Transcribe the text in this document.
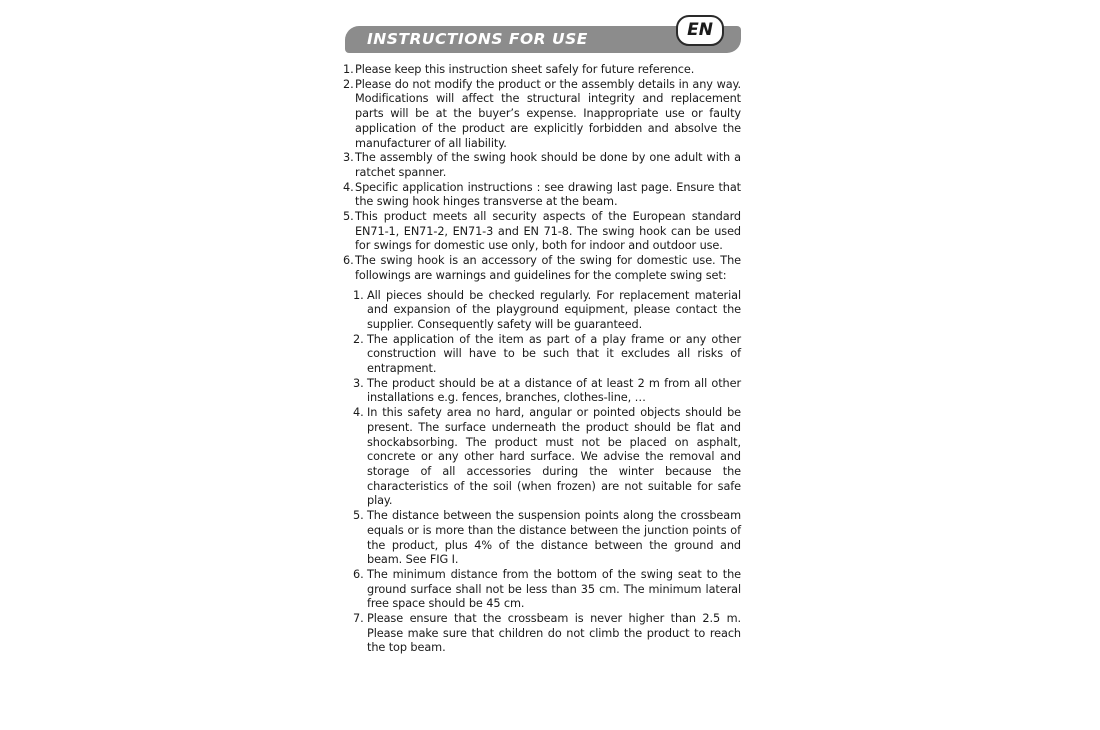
INSTRUCTIONS FOR USE	EN
1. Please keep this instruction sheet safely for future reference.
2. Please do not modify the product or the assembly details in any way. Modifications will affect the structural integrity and replacement parts will be at the buyer’s expense. Inappropriate use or faulty application of the product are explicitly forbidden and absolve the manufacturer of all liability.
3. The assembly of the swing hook should be done by one adult with a ratchet spanner.
4. Specific application instructions : see drawing last page. Ensure that the swing hook hinges transverse at the beam.
5. This product meets all security aspects of the European standard EN71-1, EN71-2, EN71-3 and EN 71-8. The swing hook can be used for swings for domestic use only, both for indoor and outdoor use.
6. The swing hook is an accessory of the swing for domestic use. The followings are warnings and guidelines for the complete swing set:
1. All pieces should be checked regularly. For replacement material and expansion of the playground equipment, please contact the supplier. Consequently safety will be guaranteed.
2. The application of the item as part of a play frame or any other construction will have to be such that it excludes all risks of entrapment.
3. The product should be at a distance of at least 2 m from all other installations e.g. fences, branches, clothes-line, …
4. In this safety area no hard, angular or pointed objects should be present. The surface underneath the product should be flat and shockabsorbing. The product must not be placed on asphalt, concrete or any other hard surface. We advise the removal and storage of all accessories during the winter because the characteristics of the soil (when frozen) are not suitable for safe play.
5. The distance between the suspension points along the crossbeam equals or is more than the distance between the junction points of the product, plus 4% of the distance between the ground and beam. See FIG I.
6. The minimum distance from the bottom of the swing seat to the ground surface shall not be less than 35 cm. The minimum lateral free space should be 45 cm.
7. Please ensure that the crossbeam is never higher than 2.5 m. Please make sure that children do not climb the product to reach the top beam.
